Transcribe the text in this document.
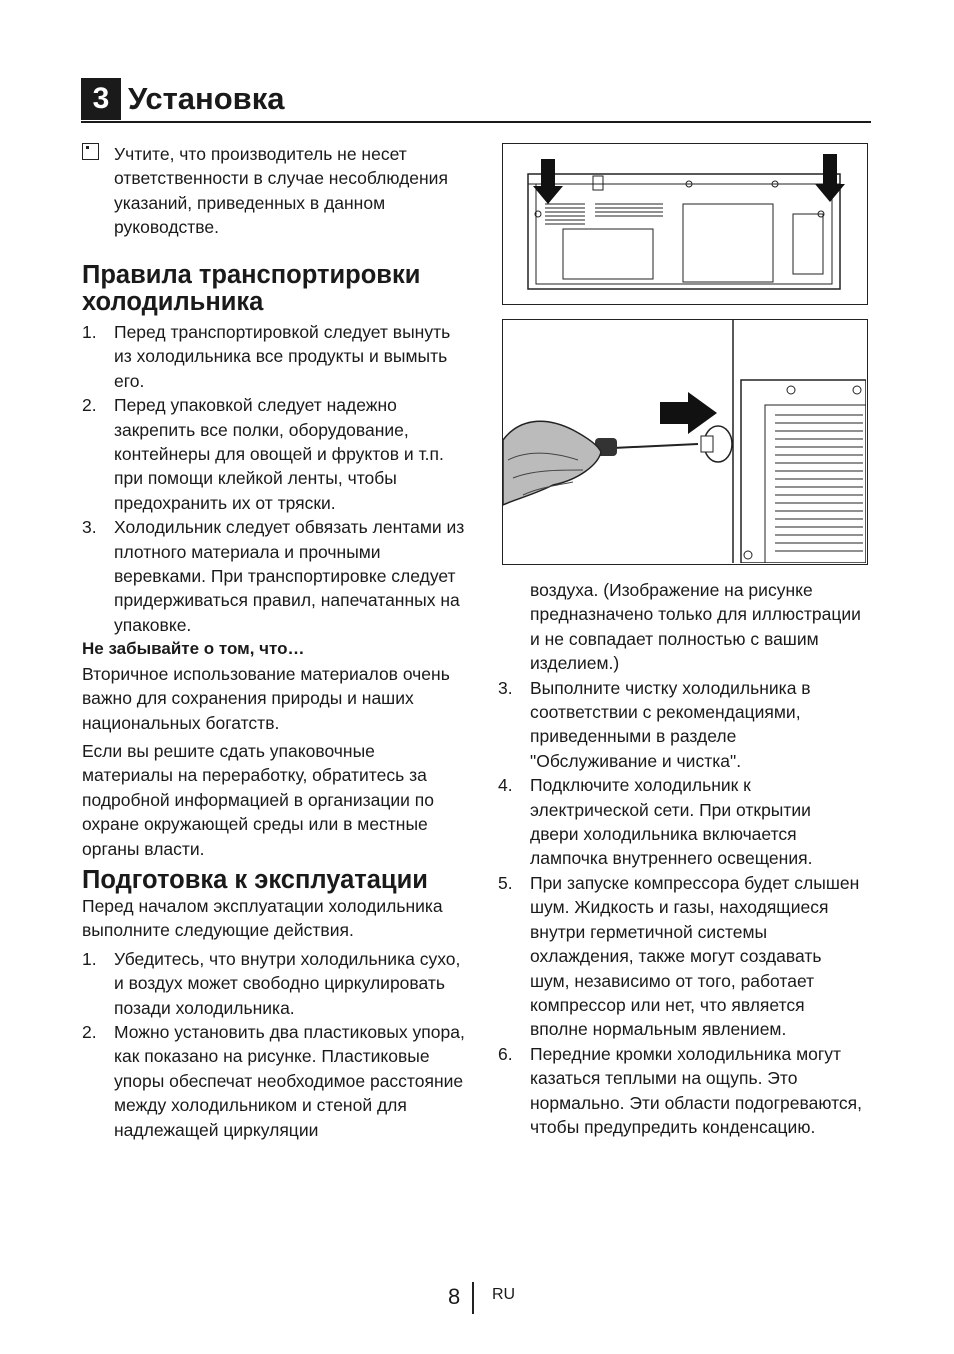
3 Установка

Учтите, что производитель не несет ответственности в случае несоблюдения указаний, приведенных в данном руководстве.

Правила транспортировки холодильника
1. Перед транспортировкой следует вынуть из холодильника все продукты и вымыть его.
2. Перед упаковкой следует надежно закрепить все полки, оборудование, контейнеры для овощей и фруктов и т.п. при помощи клейкой ленты, чтобы предохранить их от тряски.
3. Холодильник следует обвязать лентами из плотного материала и прочными веревками. При транспортировке следует придерживаться правил, напечатанных на упаковке.

Не забывайте о том, что…

Вторичное использование материалов очень важно для сохранения природы и наших национальных богатств.

Если вы решите сдать упаковочные материалы на переработку, обратитесь за подробной информацией в организации по охране окружающей среды или в местные органы власти.

Подготовка к эксплуатации

Перед началом эксплуатации холодильника выполните следующие действия.

1. Убедитесь, что внутри холодильника сухо, и воздух может свободно циркулировать позади холодильника.
2. Можно установить два пластиковых упора, как показано на рисунке. Пластиковые упоры обеспечат необходимое расстояние между холодильником и стеной для надлежащей циркуляции

воздуха. (Изображение на рисунке предназначено только для иллюстрации и не совпадает полностью с вашим изделием.)

3. Выполните чистку холодильника в соответствии с рекомендациями, приведенными в разделе "Обслуживание и чистка".
4. Подключите холодильник к электрической сети. При открытии двери холодильника включается лампочка внутреннего освещения.
5. При запуске компрессора будет слышен шум. Жидкость и газы, находящиеся внутри герметичной системы охлаждения, также могут создавать шум, независимо от того, работает компрессор или нет, что является вполне нормальным явлением.
6. Передние кромки холодильника могут казаться теплыми на ощупь. Это нормально. Эти области подогреваются, чтобы предупредить конденсацию.
8 RU
